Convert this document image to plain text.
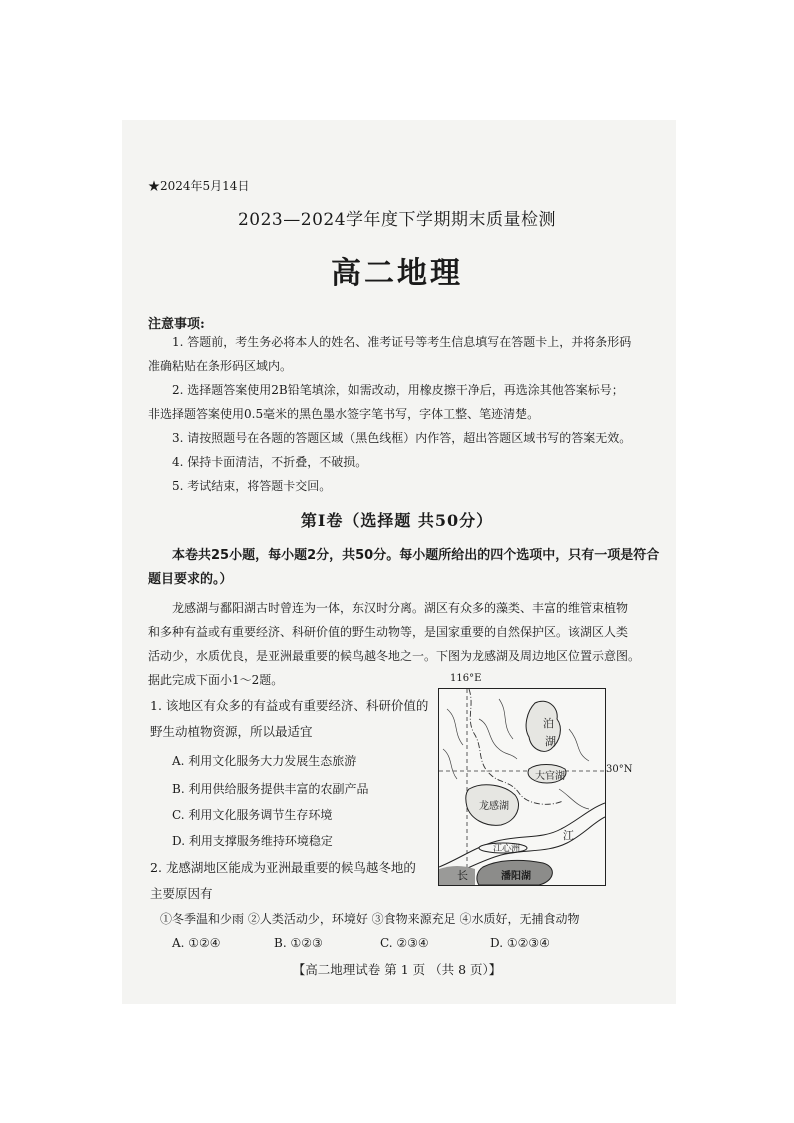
★2024年5月14日
2023—2024学年度下学期期末质量检测
高二地理
注意事项:
1. 答题前，考生务必将本人的姓名、准考证号等考生信息填写在答题卡上，并将条形码
准确粘贴在条形码区域内。
2. 选择题答案使用2B铅笔填涂，如需改动，用橡皮擦干净后，再选涂其他答案标号；
非选择题答案使用0.5毫米的黑色墨水签字笔书写，字体工整、笔迹清楚。
3. 请按照题号在各题的答题区域（黑色线框）内作答，超出答题区域书写的答案无效。
4. 保持卡面清洁，不折叠，不破损。
5. 考试结束，将答题卡交回。
第Ⅰ卷（选择题 共50分）
本卷共25小题，每小题2分，共50分。每小题所给出的四个选项中，只有一项是符合
题目要求的。）
龙感湖与鄱阳湖古时曾连为一体，东汉时分离。湖区有众多的藻类、丰富的维管束植物
和多种有益或有重要经济、科研价值的野生动物等，是国家重要的自然保护区。该湖区人类
活动少，水质优良，是亚洲最重要的候鸟越冬地之一。下图为龙感湖及周边地区位置示意图。
据此完成下面小1～2题。
1. 该地区有众多的有益或有重要经济、科研价值的
野生动植物资源，所以最适宜
A. 利用文化服务大力发展生态旅游
B. 利用供给服务提供丰富的农副产品
C. 利用文化服务调节生存环境
D. 利用支撑服务维持环境稳定
2. 龙感湖地区能成为亚洲最重要的候鸟越冬地的
主要原因有
①冬季温和少雨 ②人类活动少，环境好 ③食物来源充足 ④水质好，无捕食动物
A. ①②④	B. ①②③	C. ②③④	D. ①②③④
116°E
30°N
泊
湖
大官湖
龙感湖
江心洲
潘阳湖
江
长
【高二地理试卷 第 1 页 （共 8 页）】
